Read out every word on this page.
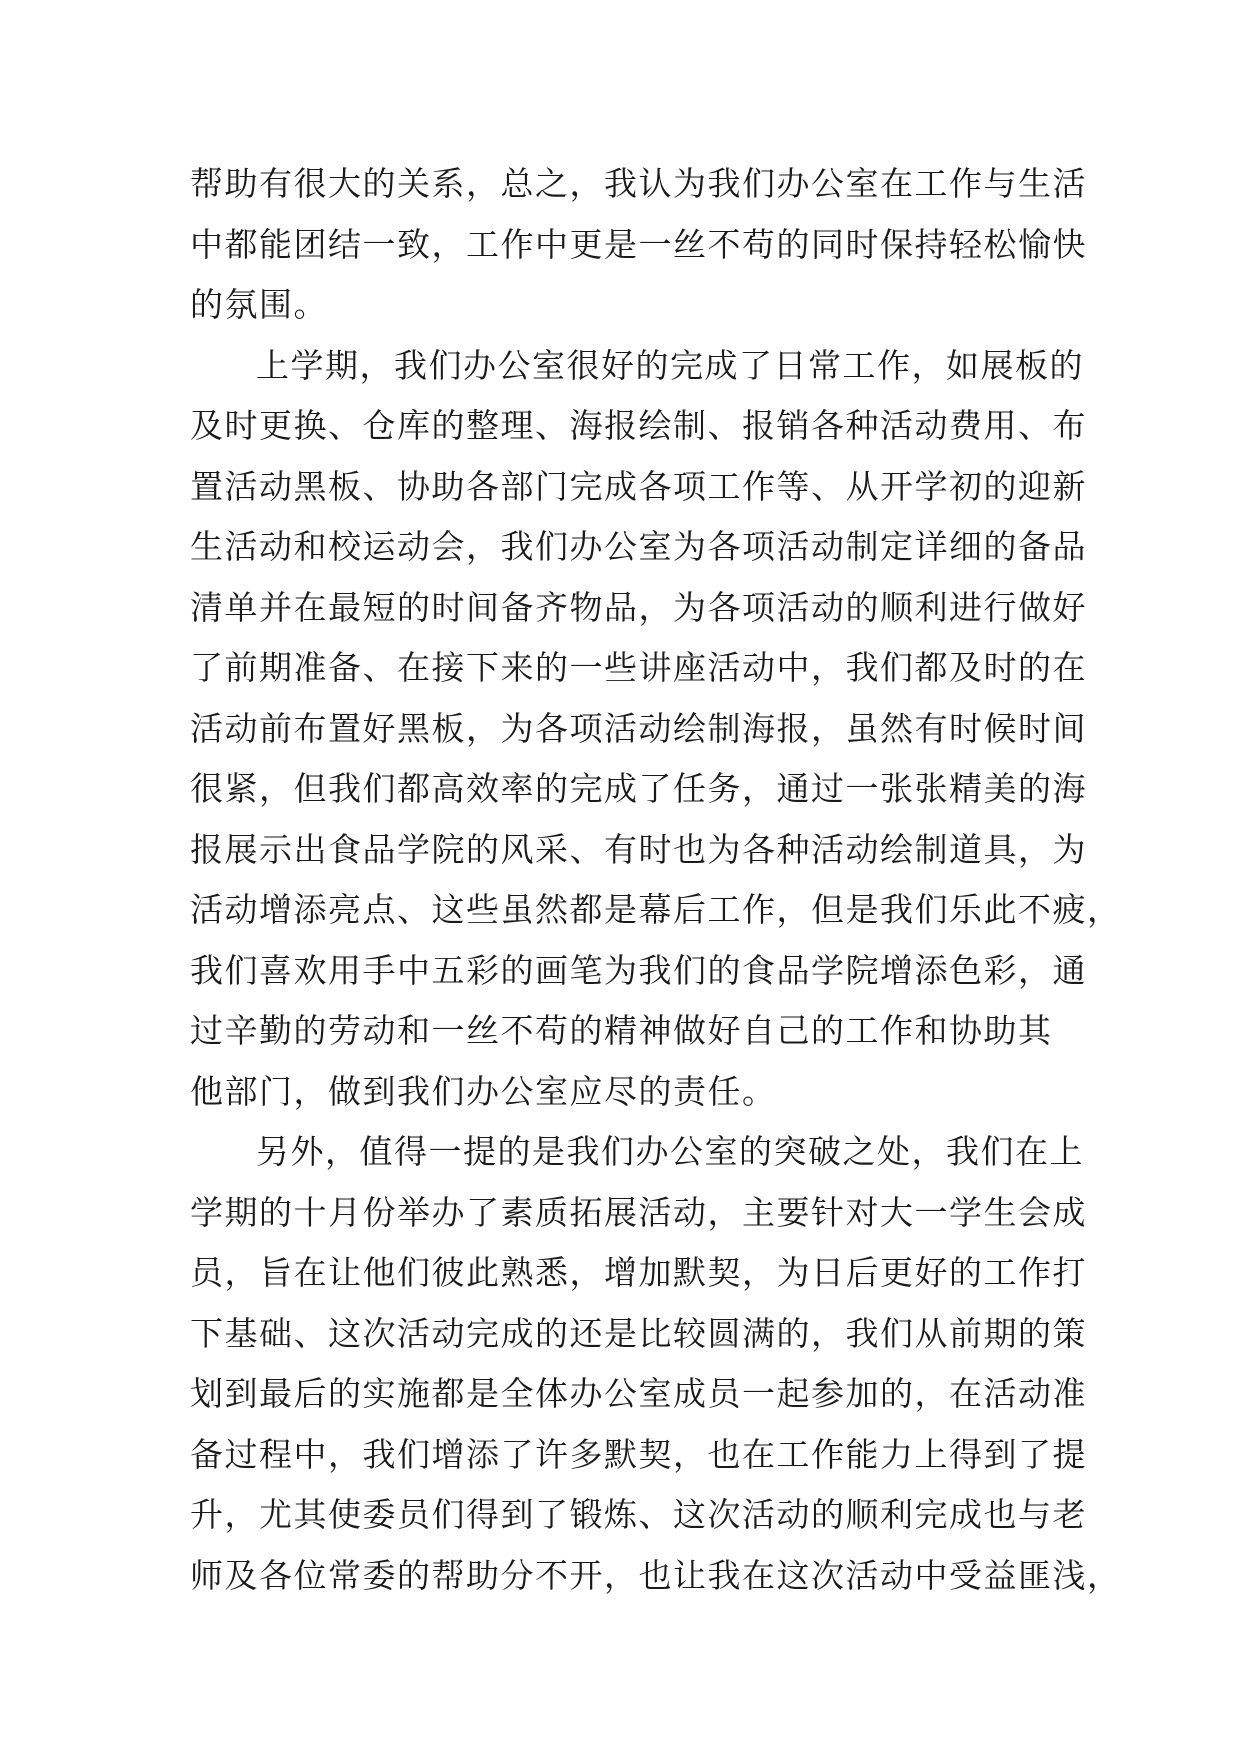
帮助有很大的关系，总之，我认为我们办公室在工作与生活
中都能团结一致，工作中更是一丝不苟的同时保持轻松愉快
的氛围。
上学期，我们办公室很好的完成了日常工作，如展板的
及时更换、仓库的整理、海报绘制、报销各种活动费用、布
置活动黑板、协助各部门完成各项工作等、从开学初的迎新
生活动和校运动会，我们办公室为各项活动制定详细的备品
清单并在最短的时间备齐物品，为各项活动的顺利进行做好
了前期准备、在接下来的一些讲座活动中，我们都及时的在
活动前布置好黑板，为各项活动绘制海报，虽然有时候时间
很紧，但我们都高效率的完成了任务，通过一张张精美的海
报展示出食品学院的风采、有时也为各种活动绘制道具，为
活动增添亮点、这些虽然都是幕后工作，但是我们乐此不疲，
我们喜欢用手中五彩的画笔为我们的食品学院增添色彩，通
过辛勤的劳动和一丝不苟的精神做好自己的工作和协助其
他部门，做到我们办公室应尽的责任。
另外，值得一提的是我们办公室的突破之处，我们在上
学期的十月份举办了素质拓展活动，主要针对大一学生会成
员，旨在让他们彼此熟悉，增加默契，为日后更好的工作打
下基础、这次活动完成的还是比较圆满的，我们从前期的策
划到最后的实施都是全体办公室成员一起参加的，在活动准
备过程中，我们增添了许多默契，也在工作能力上得到了提
升，尤其使委员们得到了锻炼、这次活动的顺利完成也与老
师及各位常委的帮助分不开，也让我在这次活动中受益匪浅，
